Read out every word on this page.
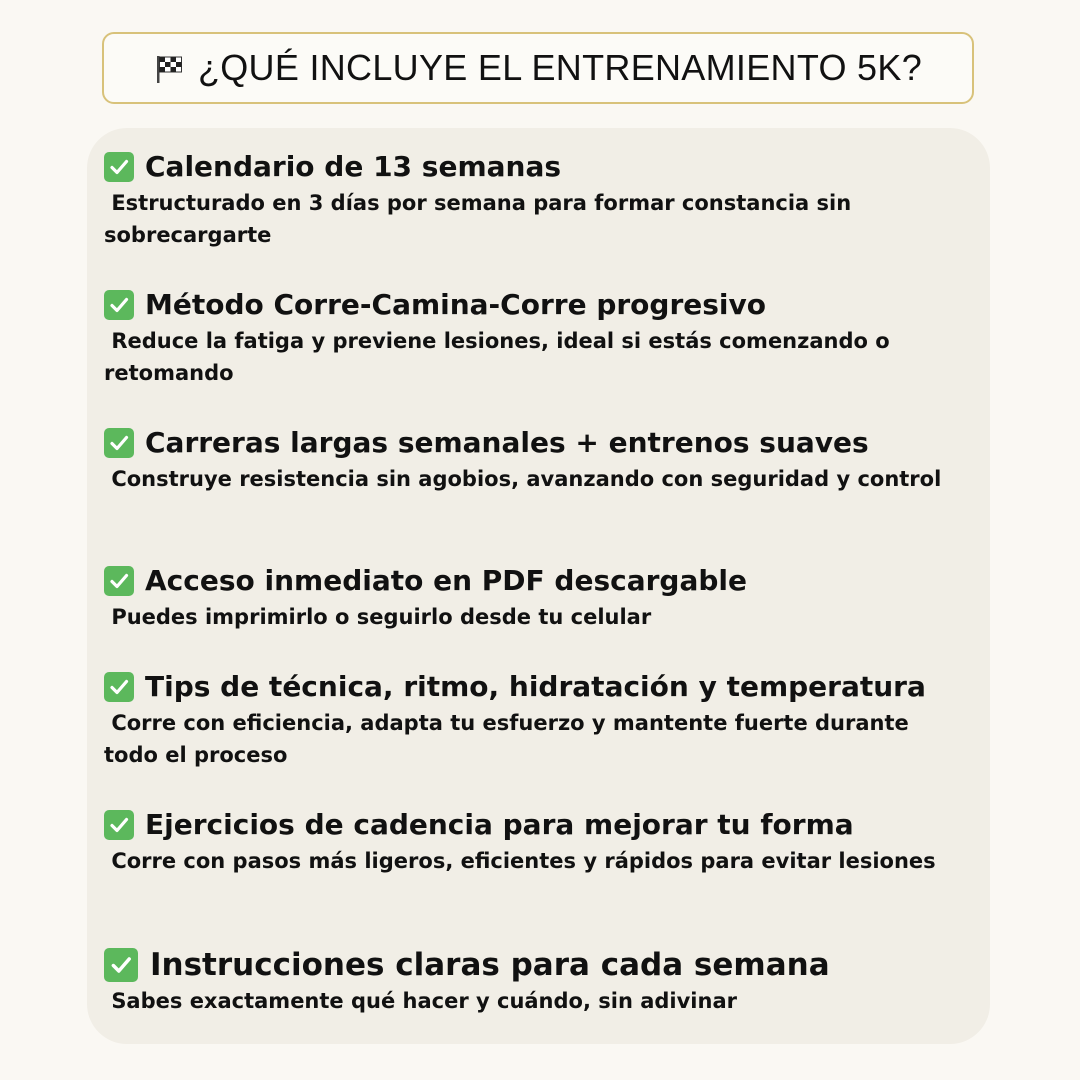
¿QUÉ INCLUYE EL ENTRENAMIENTO 5K?
Calendario de 13 semanas
Estructurado en 3 días por semana para formar constancia sin sobrecargarte
Método Corre-Camina-Corre progresivo
Reduce la fatiga y previene lesiones, ideal si estás comenzando o retomando
Carreras largas semanales + entrenos suaves
Construye resistencia sin agobios, avanzando con seguridad y control
Acceso inmediato en PDF descargable
Puedes imprimirlo o seguirlo desde tu celular
Tips de técnica, ritmo, hidratación y temperatura
Corre con eficiencia, adapta tu esfuerzo y mantente fuerte durante todo el proceso
Ejercicios de cadencia para mejorar tu forma
Corre con pasos más ligeros, eficientes y rápidos para evitar lesiones
Instrucciones claras para cada semana
Sabes exactamente qué hacer y cuándo, sin adivinar
